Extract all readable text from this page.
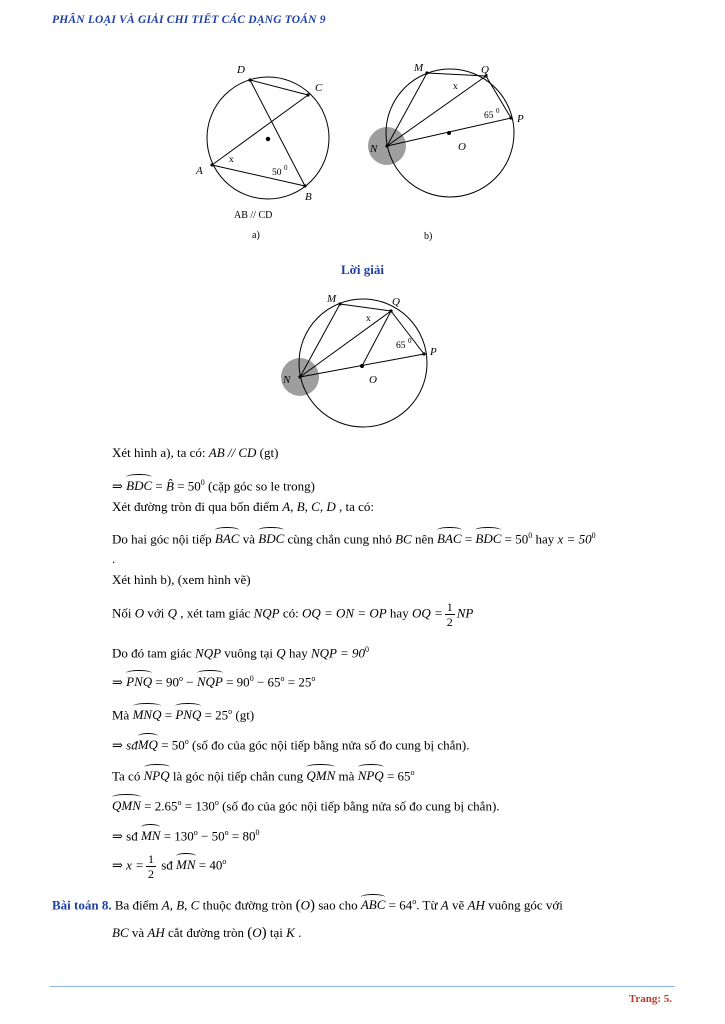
PHÂN LOẠI VÀ GIẢI CHI TIẾT CÁC DẠNG TOÁN 9
D
C
A
B
x
50 0
AB // CD
a)
M	Q
P
N	O
x
65 0
b)
Lời giải
M	Q
P
N	O
x
65 0
Xét hình a), ta có: AB // CD (gt)
⇒ BDC = B̂ = $50^0$ (cặp góc so le trong)
Xét đường tròn đi qua bốn điểm A, B, C, D , ta có:
Do hai góc nội tiếp BAC và BDC cùng chắn cung nhỏ BC nên BAC = BDC = $50^0$ hay $x = 50^0$
.
Xét hình b), (xem hình vẽ)
Nối O với Q , xét tam giác NQP có: OQ = ON = OP hay OQ = $\frac{1}{2}$ NP
Do đó tam giác NQP vuông tại Q hay NQP = $90^0$
⇒ PNQ = $90^o$ − NQP = $90^0 - 65^o = 25^o$
Mà MNQ = PNQ = $25^o$ (gt)
⇒ sđMQ = $50^o$ (số đo của góc nội tiếp bằng nửa số đo cung bị chắn).
Ta có NPQ là góc nội tiếp chắn cung QMN mà NPQ = $65^o$
QMN = $2.65^o = 130^o$ (số đo của góc nội tiếp bằng nửa số đo cung bị chắn).
⇒ sđ MN = $130^o - 50^o = 80^0$
⇒ $x = \frac{1}{2}$ sđ MN = $40^o$
Bài toán 8. Ba điểm A, B, C thuộc đường tròn (O) sao cho ABC = $64^o$. Từ A vẽ AH vuông góc với
BC và AH cắt đường tròn (O) tại K .
Trang: 5.
